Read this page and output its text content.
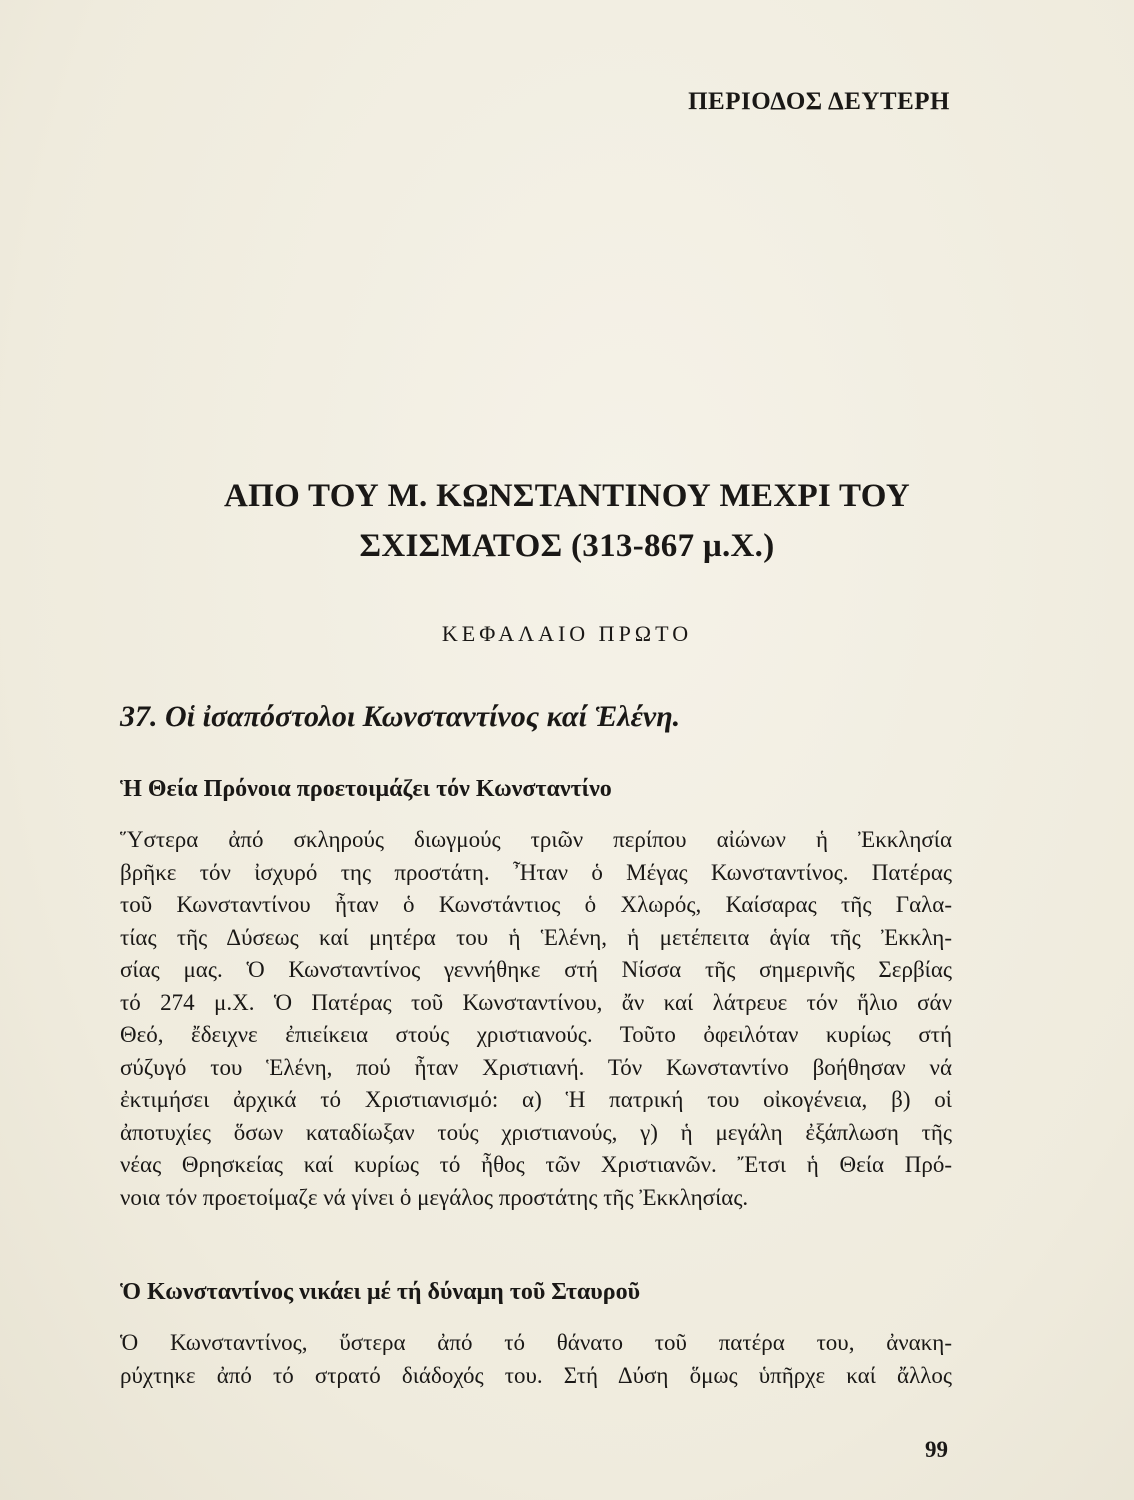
ΠΕΡΙΟΔΟΣ ΔΕΥΤΕΡΗ
ΑΠΟ ΤΟΥ Μ. ΚΩΝΣΤΑΝΤΙΝΟΥ ΜΕΧΡΙ ΤΟΥ
ΣΧΙΣΜΑΤΟΣ (313-867 μ.Χ.)
ΚΕΦΑΛΑΙΟ ΠΡΩΤΟ
37. Οἱ ἰσαπόστολοι Κωνσταντίνος καί Ἑλένη.
Ἡ Θεία Πρόνοια προετοιμάζει τόν Κωνσταντίνο
Ὕστερα ἀπό σκληρούς διωγμούς τριῶν περίπου αἰώνων ἡ Ἐκκλησία
βρῆκε τόν ἰσχυρό της προστάτη. Ἦταν ὁ Μέγας Κωνσταντίνος. Πατέρας
τοῦ Κωνσταντίνου ἦταν ὁ Κωνστάντιος ὁ Χλωρός, Καίσαρας τῆς Γαλα-
τίας τῆς Δύσεως καί μητέρα του ἡ Ἑλένη, ἡ μετέπειτα ἁγία τῆς Ἐκκλη-
σίας μας. Ὁ Κωνσταντίνος γεννήθηκε στή Νίσσα τῆς σημερινῆς Σερβίας
τό 274 μ.Χ. Ὁ Πατέρας τοῦ Κωνσταντίνου, ἄν καί λάτρευε τόν ἥλιο σάν
Θεό, ἔδειχνε ἐπιείκεια στούς χριστιανούς. Τοῦτο ὀφειλόταν κυρίως στή
σύζυγό του Ἑλένη, πού ἦταν Χριστιανή. Τόν Κωνσταντίνο βοήθησαν νά
ἐκτιμήσει ἀρχικά τό Χριστιανισμό: α) Ἡ πατρική του οἰκογένεια, β) οἱ
ἀποτυχίες ὅσων καταδίωξαν τούς χριστιανούς, γ) ἡ μεγάλη ἐξάπλωση τῆς
νέας Θρησκείας καί κυρίως τό ἦθος τῶν Χριστιανῶν. Ἔτσι ἡ Θεία Πρό-
νοια τόν προετοίμαζε νά γίνει ὁ μεγάλος προστάτης τῆς Ἐκκλησίας.
Ὁ Κωνσταντίνος νικάει μέ τή δύναμη τοῦ Σταυροῦ
Ὁ Κωνσταντίνος, ὕστερα ἀπό τό θάνατο τοῦ πατέρα του, ἀνακη-
ρύχτηκε ἀπό τό στρατό διάδοχός του. Στή Δύση ὅμως ὑπῆρχε καί ἄλλος
99
